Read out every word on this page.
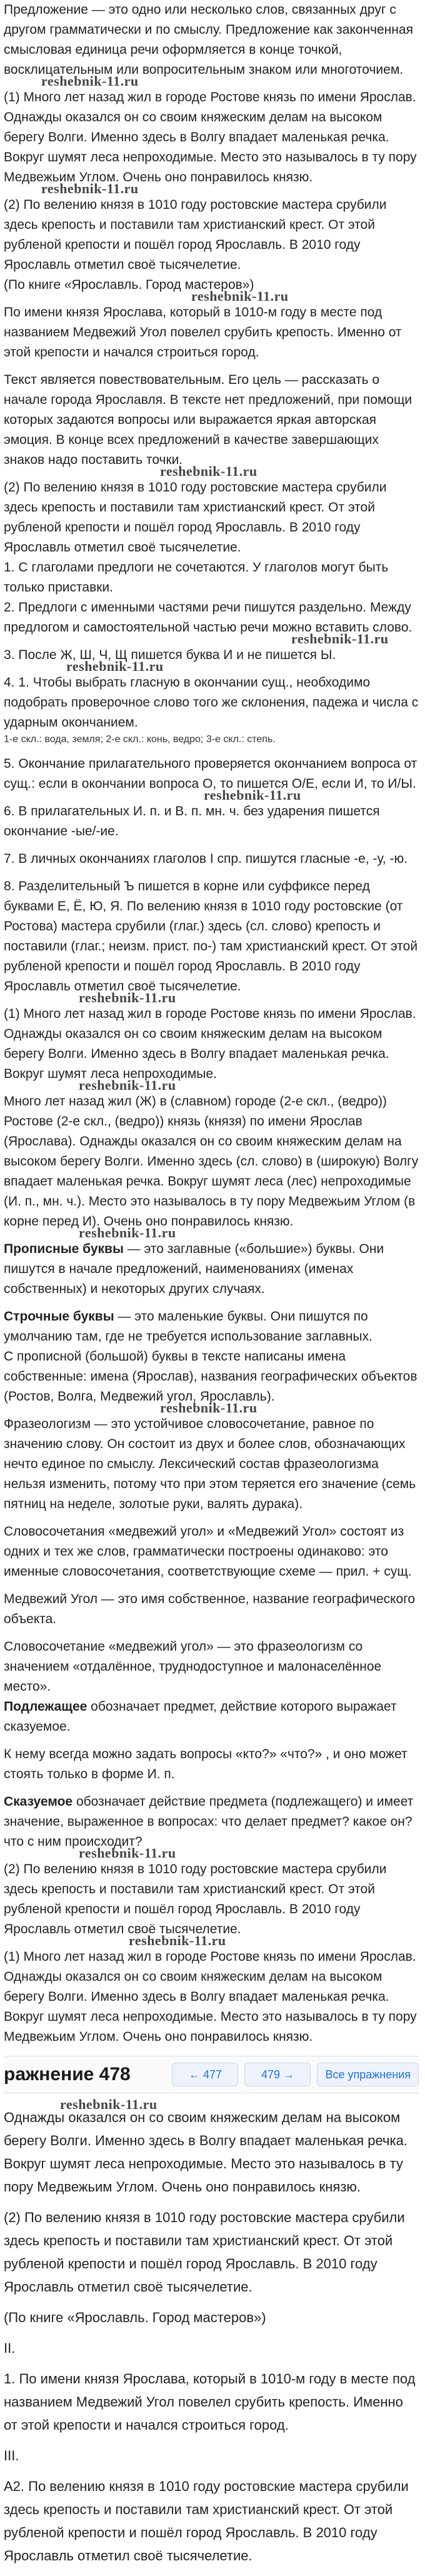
Предложение — это одно или несколько слов, связанных друг с другом грамматически и по смыслу. Предложение как законченная смысловая единица речи оформляется в конце точкой, восклицательным или вопросительным знаком или многоточием.

reshebnik-11.ru

(1) Много лет назад жил в городе Ростове князь по имени Ярослав. Однажды оказался он со своим княжеским делам на высоком берегу Волги. Именно здесь в Волгу впадает маленькая речка. Вокруг шумят леса непроходимые. Место это называлось в ту пору Медвежьим Углом. Очень оно понравилось князю.

reshebnik-11.ru

(2) По велению князя в 1010 году ростовские мастера срубили здесь крепость и поставили там христианский крест. От этой рубленой крепости и пошёл город Ярославль. В 2010 году Ярославль отметил своё тысячелетие.

(По книге «Ярославль. Город мастеров»)

reshebnik-11.ru

По имени князя Ярослава, который в 1010-м году в месте под названием Медвежий Угол повелел срубить крепость. Именно от этой крепости и начался строиться город.

Текст является повествовательным. Его цель — рассказать о начале города Ярославля. В тексте нет предложений, при помощи которых задаются вопросы или выражается яркая авторская эмоция. В конце всех предложений в качестве завершающих знаков надо поставить точки.

reshebnik-11.ru

(2) По велению князя в 1010 году ростовские мастера срубили здесь крепость и поставили там христианский крест. От этой рубленой крепости и пошёл город Ярославль. В 2010 году Ярославль отметил своё тысячелетие.

1. С глаголами предлоги не сочетаются. У глаголов могут быть только приставки.

2. Предлоги с именными частями речи пишутся раздельно. Между предлогом и самостоятельной частью речи можно вставить слово.

reshebnik-11.ru

3. После Ж, Ш, Ч, Щ пишется буква И и не пишется Ы.

reshebnik-11.ru

4. 1. Чтобы выбрать гласную в окончании сущ., необходимо подобрать проверочное слово того же склонения, падежа и числа с ударным окончанием.

1-е скл.: вода, земля; 2-е скл.: конь, ведро; 3-е скл.: степь.

5. Окончание прилагательного проверяется окончанием вопроса от сущ.: если в окончании вопроса О, то пишется О/Е, если И, то И/Ы.

reshebnik-11.ru

6. В прилагательных И. п. и В. п. мн. ч. без ударения пишется окончание -ые/-ие.

7. В личных окончаниях глаголов I спр. пишутся гласные -е, -у, -ю.

8. Разделительный Ъ пишется в корне или суффиксе перед буквами Е, Ё, Ю, Я. По велению князя в 1010 году ростовские (от Ростова) мастера срубили (глаг.) здесь (сл. слово) крепость и поставили (глаг.; неизм. прист. по-) там христианский крест. От этой рубленой крепости и пошёл город Ярославль. В 2010 году Ярославль отметил своё тысячелетие.

reshebnik-11.ru

(1) Много лет назад жил в городе Ростове князь по имени Ярослав. Однажды оказался он со своим княжеским делам на высоком берегу Волги. Именно здесь в Волгу впадает маленькая речка. Вокруг шумят леса непроходимые.

reshebnik-11.ru

Много лет назад жил (Ж) в (славном) городе (2-е скл., (ведро)) Ростове (2-е скл., (ведро)) князь (князя) по имени Ярослав (Ярослава). Однажды оказался он со своим княжеским делам на высоком берегу Волги. Именно здесь (сл. слово) в (широкую) Волгу впадает маленькая речка. Вокруг шумят леса (лес) непроходимые (И. п., мн. ч.). Место это называлось в ту пору Медвежьим Углом (в корне перед И). Очень оно понравилось князю.

reshebnik-11.ru

Прописные буквы — это заглавные («большие») буквы. Они пишутся в начале предложений, наименованиях (именах собственных) и некоторых других случаях.

Строчные буквы — это маленькие буквы. Они пишутся по умолчанию там, где не требуется использование заглавных.

С прописной (большой) буквы в тексте написаны имена собственные: имена (Ярослав), названия географических объектов (Ростов, Волга, Медвежий угол, Ярославль).

reshebnik-11.ru

Фразеологизм — это устойчивое словосочетание, равное по значению слову. Он состоит из двух и более слов, обозначающих нечто единое по смыслу. Лексический состав фразеологизма нельзя изменить, потому что при этом теряется его значение (семь пятниц на неделе, золотые руки, валять дурака).

Словосочетания «медвежий угол» и «Медвежий Угол» состоят из одних и тех же слов, грамматически построены одинаково: это именные словосочетания, соответствующие схеме — прил. + сущ.

Медвежий Угол — это имя собственное, название географического объекта.

Словосочетание «медвежий угол» — это фразеологизм со значением «отдалённое, труднодоступное и малонаселённое место».

Подлежащее обозначает предмет, действие которого выражает сказуемое.

К нему всегда можно задать вопросы «кто?» «что?» , и оно может стоять только в форме И. п.

Сказуемое обозначает действие предмета (подлежащего) и имеет значение, выраженное в вопросах: что делает предмет? какое он? что с ним происходит?

reshebnik-11.ru

(2) По велению князя в 1010 году ростовские мастера срубили здесь крепость и поставили там христианский крест. От этой рубленой крепости и пошёл город Ярославль. В 2010 году Ярославль отметил своё тысячелетие.

reshebnik-11.ru

(1) Много лет назад жил в городе Ростове князь по имени Ярослав. Однажды оказался он со своим княжеским делам на высоком берегу Волги. Именно здесь в Волгу впадает маленькая речка. Вокруг шумят леса непроходимые. Место это называлось в ту пору Медвежьим Углом. Очень оно понравилось князю.

ражнение 478	← 477	479 →	Все упражнения
reshebnik-11.ru

Однажды оказался он со своим княжеским делам на высоком берегу Волги. Именно здесь в Волгу впадает маленькая речка. Вокруг шумят леса непроходимые. Место это называлось в ту пору Медвежьим Углом. Очень оно понравилось князю.

(2) По велению князя в 1010 году ростовские мастера срубили здесь крепость и поставили там христианский крест. От этой рубленой крепости и пошёл город Ярославль. В 2010 году Ярославль отметил своё тысячелетие.

(По книге «Ярославль. Город мастеров»)

II.

1. По имени князя Ярослава, который в 1010-м году в месте под названием Медвежий Угол повелел срубить крепость. Именно от этой крепости и начался строиться город.

III.

А2. По велению князя в 1010 году ростовские мастера срубили здесь крепость и поставили там христианский крест. От этой рубленой крепости и пошёл город Ярославль. В 2010 году Ярославль отметил своё тысячелетие.
